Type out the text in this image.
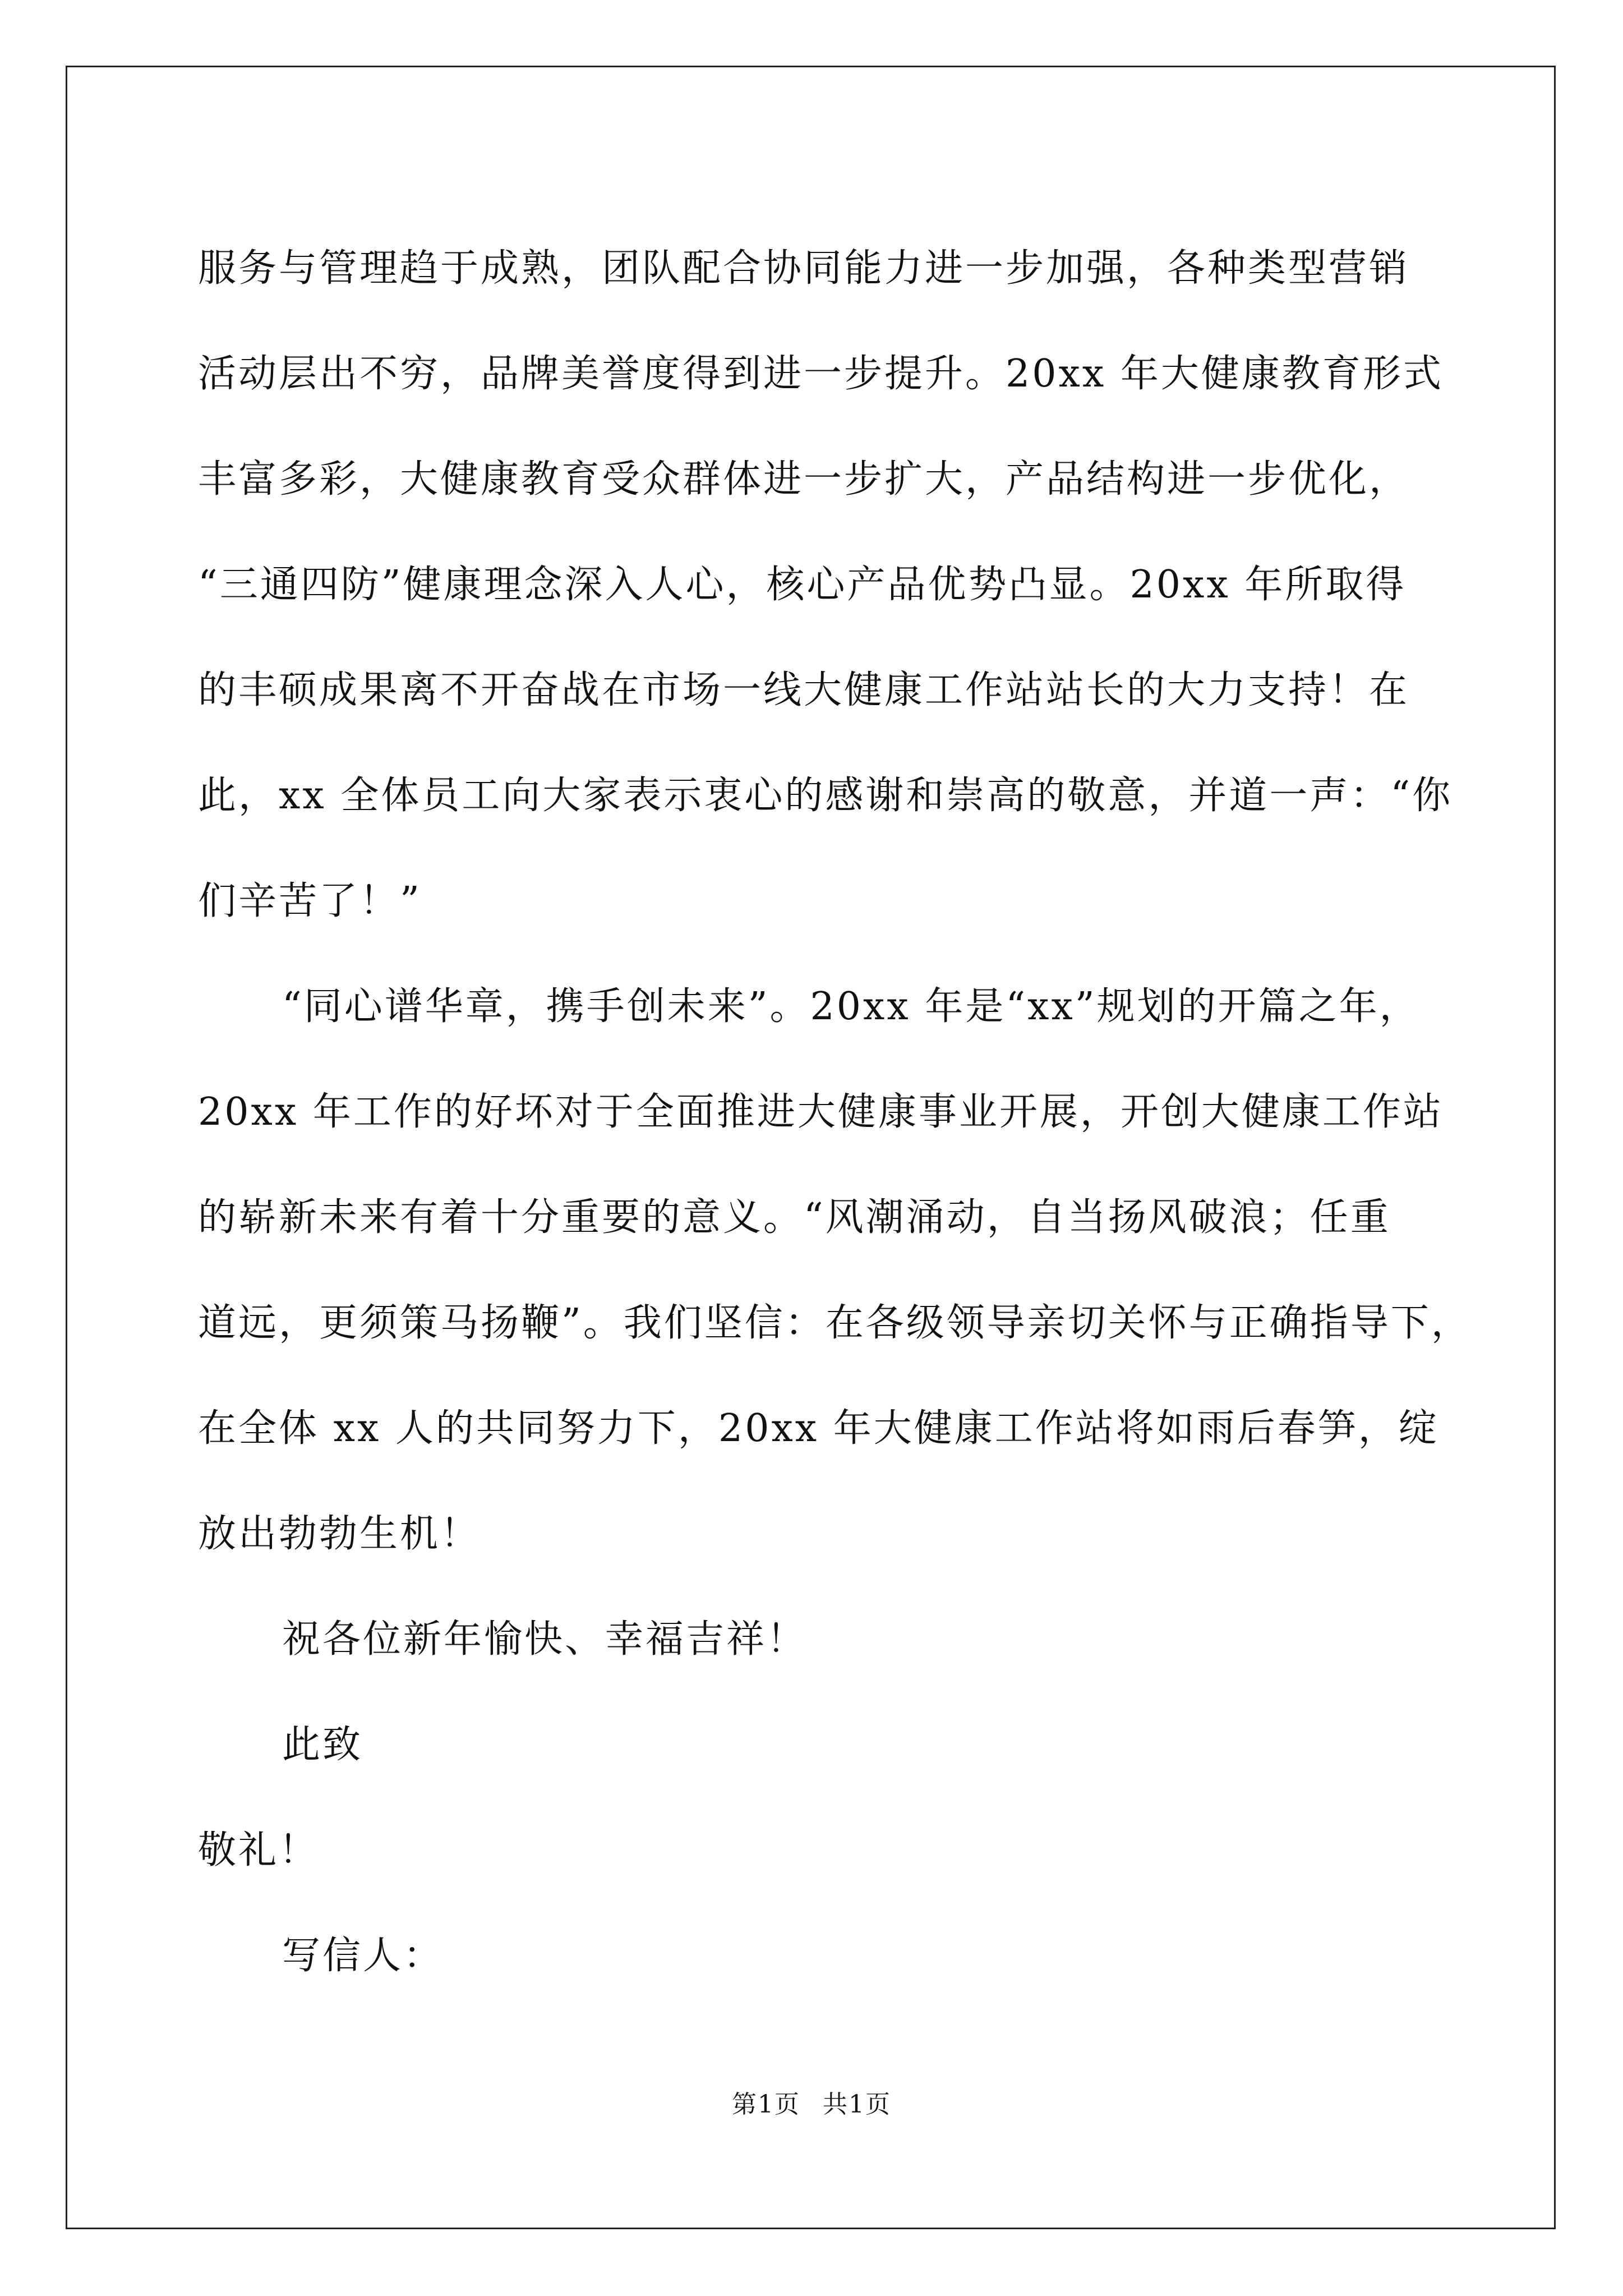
服务与管理趋于成熟，团队配合协同能力进一步加强，各种类型营销
活动层出不穷，品牌美誉度得到进一步提升。20xx 年大健康教育形式
丰富多彩，大健康教育受众群体进一步扩大，产品结构进一步优化，
“三通四防”健康理念深入人心，核心产品优势凸显。20xx 年所取得
的丰硕成果离不开奋战在市场一线大健康工作站站长的大力支持！在
此，xx 全体员工向大家表示衷心的感谢和崇高的敬意，并道一声：“你
们辛苦了！”
“同心谱华章，携手创未来”。20xx 年是“xx”规划的开篇之年，
20xx 年工作的好坏对于全面推进大健康事业开展，开创大健康工作站
的崭新未来有着十分重要的意义。“风潮涌动，自当扬风破浪；任重
道远，更须策马扬鞭”。我们坚信：在各级领导亲切关怀与正确指导下，
在全体 xx 人的共同努力下，20xx 年大健康工作站将如雨后春笋，绽
放出勃勃生机！
祝各位新年愉快、幸福吉祥！
此致
敬礼！
写信人：
第1页 共1页
